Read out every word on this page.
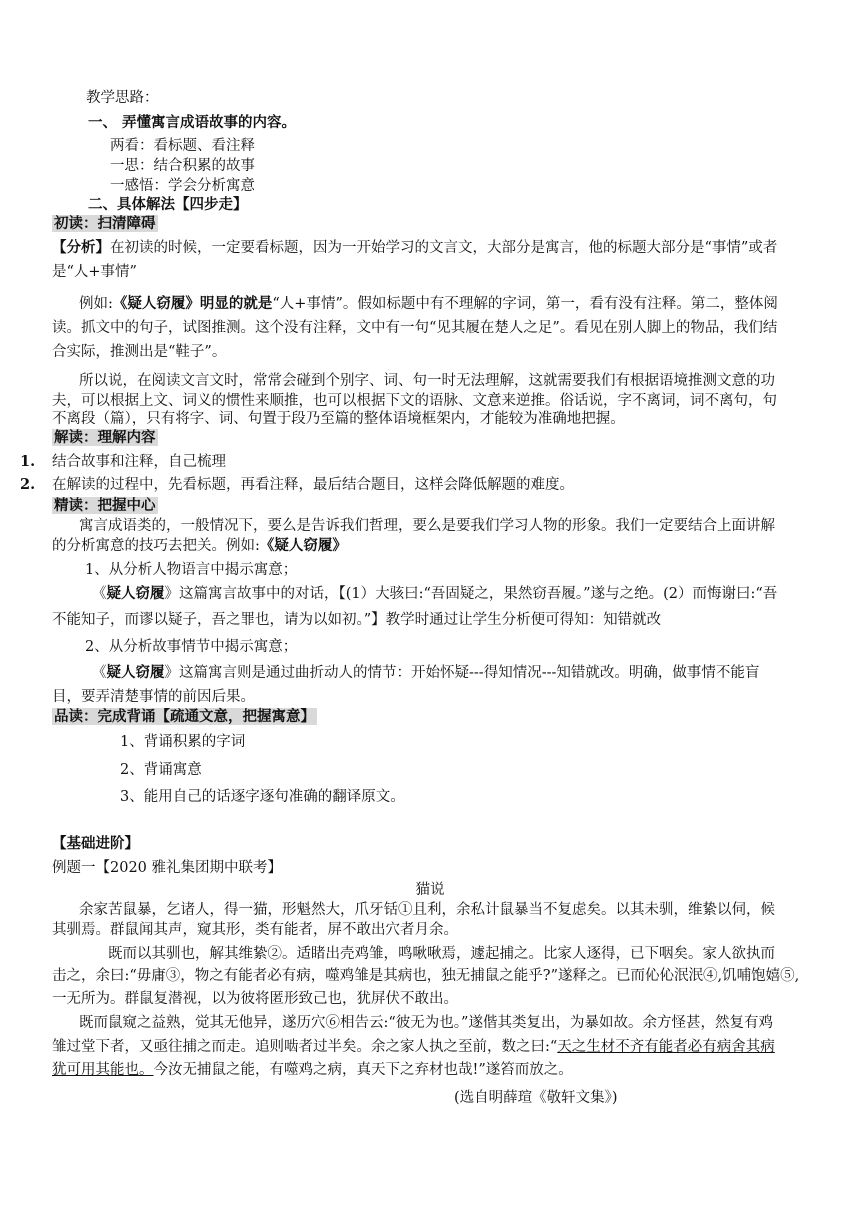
教学思路：
一、 弄懂寓言成语故事的内容。
两看：看标题、看注释
一思：结合积累的故事
一感悟：学会分析寓意
二、具体解法【四步走】
初读：扫清障碍
【分析】在初读的时候，一定要看标题，因为一开始学习的文言文，大部分是寓言，他的标题大部分是“事情”或者
是“人+事情”
例如:《疑人窃履》明显的就是“人+事情”。假如标题中有不理解的字词，第一，看有没有注释。第二，整体阅
读。抓文中的句子，试图推测。这个没有注释，文中有一句“见其履在楚人之足”。看见在别人脚上的物品，我们结
合实际，推测出是“鞋子”。
所以说，在阅读文言文时，常常会碰到个别字、词、句一时无法理解，这就需要我们有根据语境推测文意的功
夫，可以根据上文、词义的惯性来顺推，也可以根据下文的语脉、文意来逆推。俗话说，字不离词，词不离句，句
不离段（篇），只有将字、词、句置于段乃至篇的整体语境框架内，才能较为准确地把握。
解读：理解内容
1. 结合故事和注释，自己梳理
2. 在解读的过程中，先看标题，再看注释，最后结合题目，这样会降低解题的难度。
精读：把握中心
寓言成语类的，一般情况下，要么是告诉我们哲理，要么是要我们学习人物的形象。我们一定要结合上面讲解
的分析寓意的技巧去把关。例如:《疑人窃履》
1、从分析人物语言中揭示寓意；
《疑人窃履》这篇寓言故事中的对话，【(1）大骇曰:“吾固疑之，果然窃吾履。”遂与之绝。(2）而悔谢曰:“吾
不能知子，而谬以疑子，吾之罪也，请为以如初。”】教学时通过让学生分析便可得知：知错就改
2、从分析故事情节中揭示寓意；
《疑人窃履》这篇寓言则是通过曲折动人的情节：开始怀疑---得知情况---知错就改。明确，做事情不能盲
目，要弄清楚事情的前因后果。
品读：完成背诵【疏通文意，把握寓意】
1、背诵积累的字词
2、背诵寓意
3、能用自己的话逐字逐句准确的翻译原文。
【基础进阶】
例题一【2020 雅礼集团期中联考】
猫说
余家苦鼠暴，乞诸人，得一猫，形魁然大，爪牙铦①且利，余私计鼠暴当不复虑矣。以其未驯，维絷以伺，候
其驯焉。群鼠闻其声，窥其形，类有能者，屏不敢出穴者月余。
既而以其驯也，解其维絷②。适睹出壳鸡雏，鸣啾啾焉，遽起捕之。比家人逐得，已下咽矣。家人欲执而
击之，余曰:“毋庸③，物之有能者必有病，噬鸡雏是其病也，独无捕鼠之能乎?”遂释之。已而伈伈泯泯④,饥哺饱嬉⑤,
一无所为。群鼠复潜视，以为彼将匿形致己也，犹屏伏不敢出。
既而鼠窥之益熟，觉其无他异，遂历穴⑥相告云:“彼无为也。”遂偕其类复出，为暴如故。余方怪甚，然复有鸡
雏过堂下者，又亟往捕之而走。追则啮者过半矣。余之家人执之至前，数之曰:“天之生材不齐有能者必有病舍其病
犹可用其能也。今汝无捕鼠之能，有噬鸡之病，真天下之弃材也哉!”遂笞而放之。
(选自明薛瑄《敬轩文集》)
